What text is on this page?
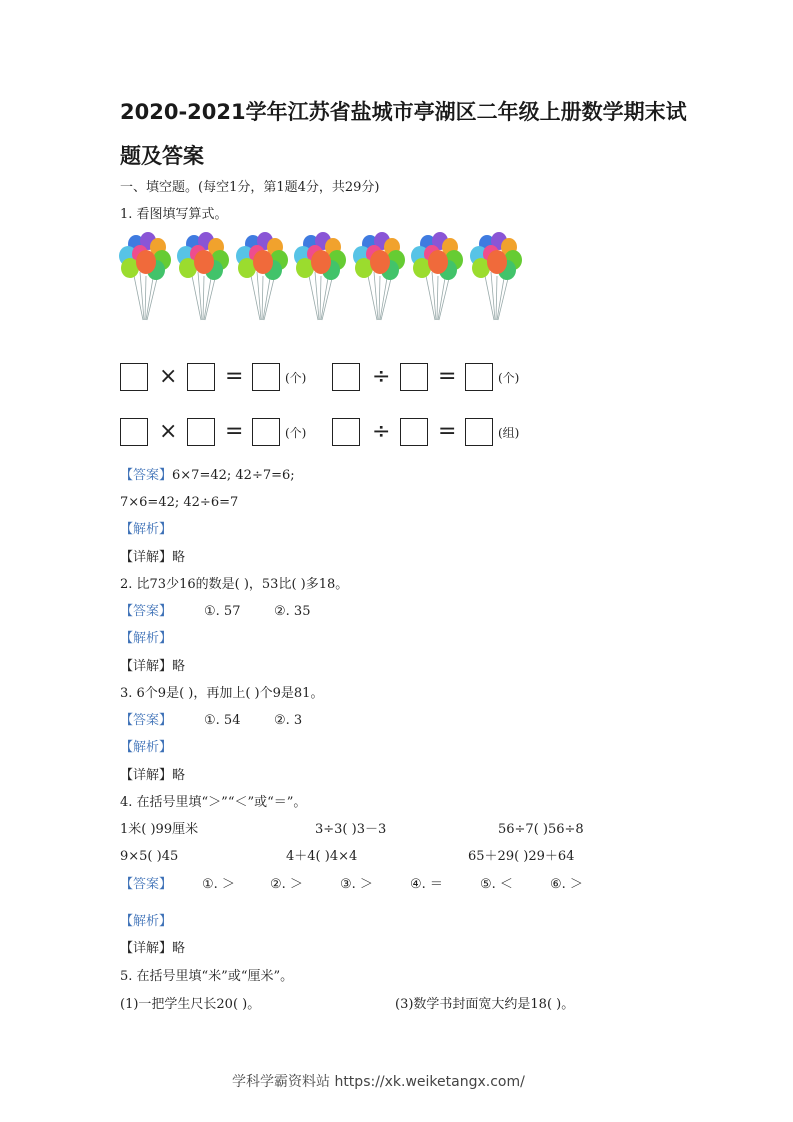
2020-2021学年江苏省盐城市亭湖区二年级上册数学期末试
题及答案
一、填空题。(每空1分，第1题4分，共29分)
1. 看图填写算式。
× =	(个)	÷ =	(个)
× =	(个)	÷ =	(组)
【答案】6×7=42; 42÷7=6;
7×6=42; 42÷6=7
【解析】
【详解】略
2. 比73少16的数是( )，53比( )多18。
【答案】 ①. 57	②. 35
【解析】
【详解】略
3. 6个9是( )，再加上( )个9是81。
【答案】 ①. 54	②. 3
【解析】
【详解】略
4. 在括号里填“＞”“＜”或“＝”。
1米( )99厘米	3÷3( )3－3	56÷7( )56÷8
9×5( )45	4＋4( )4×4	65＋29( )29＋64
【答案】 ①. ＞	②. ＞	③. ＞	④. ＝	⑤. ＜	⑥. ＞
【解析】
【详解】略
5. 在括号里填“米”或“厘米”。
(1)一把学生尺长20( )。	(3)数学书封面宽大约是18( )。
学科学霸资料站 https://xk.weiketangx.com/
